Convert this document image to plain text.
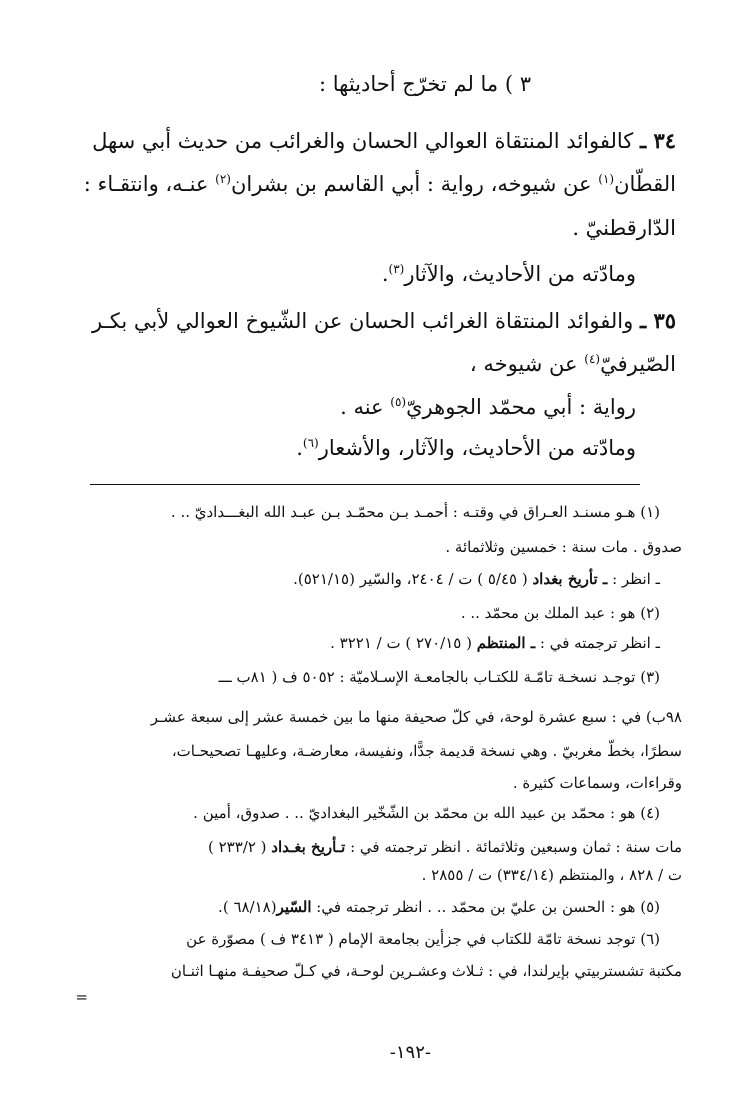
٣ ) ما لم تخرّج أحاديثها :
٣٤ ـ كالفوائد المنتقاة العوالي الحسان والغرائب من حديث أبي سهل
القطّان$^{(١)}$ عن شيوخه، رواية : أبي القاسم بن بشران$^{(٢)}$ عنـه، وانتقـاء :
الدّارقطنيّ .
ومادّته من الأحاديث، والآثار$^{(٣)}$.
٣٥ ـ والفوائد المنتقاة الغرائب الحسان عن الشّيوخ العوالي لأبي بكـر
الصّيرفيّ$^{(٤)}$ عن شيوخه ،
رواية : أبي محمّد الجوهريّ$^{(٥)}$ عنه .
ومادّته من الأحاديث، والآثار، والأشعار$^{(٦)}$.
(١) هـو مسنـد العـراق في وقتـه : أحمـد بـن محمّـد بـن عبـد الله البغـــداديّ .. .
صدوق . مات سنة : خمسين وثلاثمائة .
ـ انظر : ـ تأريخ بغداد ( ٥/٤٥ ) ت / ٢٤٠٤، والسّير (٥٢١/١٥).
(٢) هو : عبد الملك بن محمّد .. .
ـ انظر ترجمته في : ـ المنتظم ( ٢٧٠/١٥ ) ت / ٣٢٢١ .
(٣) توجـد نسخـة تامّـة للكتـاب بالجامعـة الإسـلاميّة : ٥٠٥٢ ف ( ٨١ب ـــ
٩٨ب) في : سبع عشرة لوحة، في كلّ صحيفة منها ما بين خمسة عشر إلى سبعة عشـر
سطرًا، بخطّ مغربيّ . وهي نسخة قديمة جدًّا، ونفيسة، معارضـة، وعليهـا تصحيحـات،
وقراءات، وسماعات كثيرة .
(٤) هو : محمّد بن عبيد الله بن محمّد بن الشّخّير البغداديّ .. . صدوق، أمين .
مات سنة : ثمان وسبعين وثلاثمائة . انظر ترجمته في : تـأريخ بغـداد ( ٢٣٣/٢ )
ت / ٨٢٨ ، والمنتظم (٣٣٤/١٤) ت / ٢٨٥٥ .
(٥) هو : الحسن بن عليّ بن محمّد .. . انظر ترجمته في: السّير(٦٨/١٨ ).
(٦) توجد نسخة تامّة للكتاب في جزأين بجامعة الإمام ( ٣٤١٣ ف ) مصوّرة عن
مكتبة تشستربيتي بإيرلندا، في : ثـلاث وعشـرين لوحـة، في كـلّ صحيفـة منهـا اثنـان
=
-١٩٢-
